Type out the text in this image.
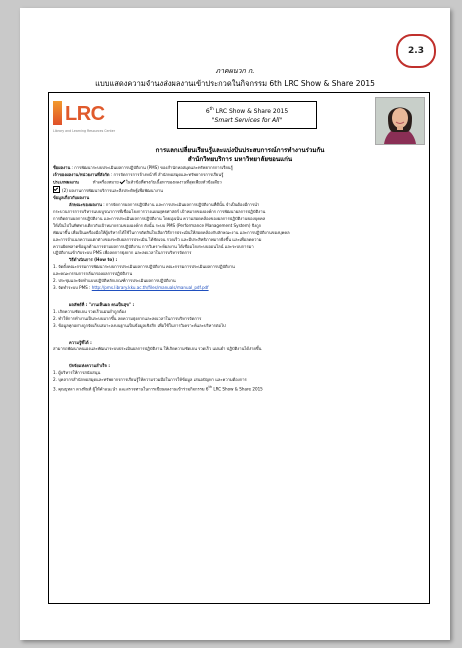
2.3
ภาคผนวก ก.
แบบแสดงความจำนงส่งผลงานเข้าประกวดในกิจกรรม 6th LRC Show & Share 2015
LRC
Library and Learning Resources Center
6th LRC Show & Share 2015
"Smart Services for All"
การแลกเปลี่ยนเรียนรู้และแบ่งปันประสบการณ์การทำงานร่วมกัน
สำนักวิทยบริการ มหาวิทยาลัยขอนแก่น

ชื่อผลงาน : การพัฒนาระบบประเมินผลการปฏิบัติงาน (PMS) ของสำนักหอสมุดและทรัพยากรการเรียนรู้

เจ้าของผลงาน/หน่วยงานที่สังกัด : การจัดการการจ้างหน้าที่ สำนักหอสมุดและทรัพยากรการเรียนรู้

ประเภทผลงาน	ทำเครื่องหมาย ในหัวข้อที่ตรงกับเนื้อหาของผลงานที่สุดเพียงหัวข้อเดียว

(2) ผลงานการพัฒนาบริการและสิ่งประดิษฐ์เพื่อพัฒนางาน

ข้อมูลเกี่ยวกับผลงาน

ลักษณะของผลงาน : การจัดการผลการปฏิบัติงาน และการประเมินผลการปฏิบัติงานที่ดีนั้น จำเป็นต้องมีการนำ

กระบวนการการบริหารแบบบูรณาการที่เชื่อมโยงการวางแผนยุทธศาสตร์ เป้าหมายขององค์กร การพัฒนาผลการปฏิบัติงาน

การติดตามผลการปฏิบัติงาน และการประเมินผลการปฏิบัติงาน โดยมุ่งเน้น ความสอดคล้องของผลการปฏิบัติงานของบุคคล

ให้เป็นไปในทิศทางเดียวกับเป้าหมายรวมขององค์กร ดังนั้น ระบบ PMS (Performance Management System) จึงถูก

พัฒนาขึ้น เพื่อเป็นเครื่องมือให้ผู้บริหารได้ใช้ในการตัดสินใจเลือกวิธีการประเมินให้สอดคล้องกับลักษณะงาน และการปฏิบัติงานของบุคคล

และการจำแนกความแตกต่างของระดับผลการประเมิน ได้ชัดเจน รวดเร็ว และมีประสิทธิภาพมากยิ่งขึ้น และเพื่อลดความ

ความผิดพลาดข้อมูลด้านการตามผลการปฏิบัติงาน การวิเคราะห์ผลงาน ได้เชื่อมโยงระบบออนไลน์ และระบบการมา

ปฏิบัติงานเข้ากับระบบ PMS เพื่อลดการยุ่งยาก และลดเวลาในการบริหารจัดการ

วิธีดำเนินการ (How to) :

1. จัดตั้งคณะกรรมการพัฒนาระบบการประเมินผลการปฏิบัติงาน คณะกรรมการประเมินผลการปฏิบัติงาน

และคณะกรรมการกลั่นกรองผลการปฏิบัติงาน

2. ประชุมและจัดทำแบบปฏิบัติหลักเกณฑ์การประเมินผลการปฏิบัติงาน

3. จัดทำระบบ PMS : http://pms.library.kku.ac.th/files/manuals/manual_pdf.pdf

ผลลัพธ์ที่ : "งานเห็นผล คนเป็นสุข" :

1. เกิดความชัดเจน รวดเร็วแม่นยำถูกต้อง

2. ทำให้การทำงานเป็นระบบมากขึ้น ลดความยุ่งยากและลดเวลาในการบริหารจัดการ

3. ข้อมูลทุกอย่างถูกจัดเก็บเสมาะลงบนฐานเป็นข้อมูลเชิงลึก เพื่อใช้ในการวิเคราะห์และบริหารต่อไป

ความรู้ที่ได้ :

สามารถพัฒนาคนเองและพัฒนาระบบประเมินผลการปฏิบัติงาน ให้เกิดความชัดเจน รวดเร็ว แม่นยำ ปฏิบัติงานได้ง่ายขึ้น

ปัจจัยแห่งความสำเร็จ :

1. ผู้บริหารให้การสนับสนุน

2. บุคลากรสำนักหอสมุดและทรัพยากรการเรียนรู้ให้ความร่วมมือในการให้ข้อมูล เสนอปัญหา และความต้องการ

3. คุณบุหลา ดวงทินท์ ผู้ให้คำแนะนำ และสรวจทานในการเขียนผลงานเข้าร่วมกิจกรรม 6th LRC Show & Share 2015
